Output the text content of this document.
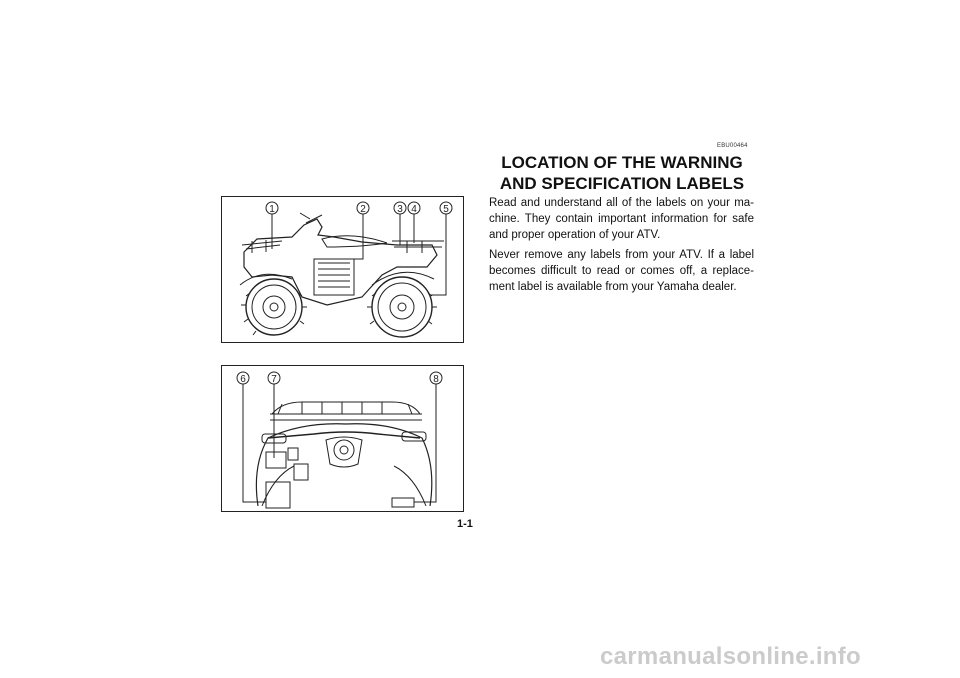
1	2	3 4	5
6	7	8
1-1
EBU00464
LOCATION OF THE WARNING
AND SPECIFICATION LABELS

Read and understand all of the labels on your ma-chine. They contain important information for safe and proper operation of your ATV.

Never remove any labels from your ATV. If a label becomes difficult to read or comes off, a replace-ment label is available from your Yamaha dealer.

carmanualsonline.info
